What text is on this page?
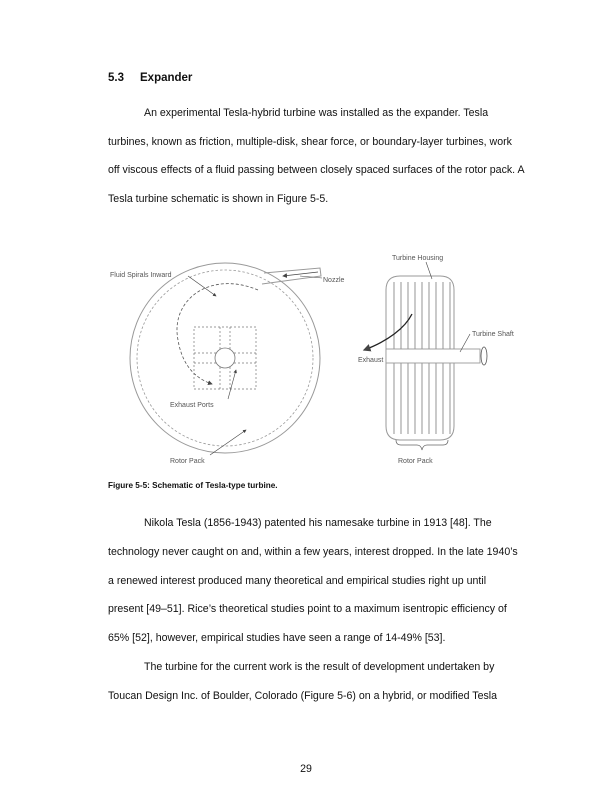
5.3 Expander
An experimental Tesla-hybrid turbine was installed as the expander. Tesla
turbines, known as friction, multiple-disk, shear force, or boundary-layer turbines, work
off viscous effects of a fluid passing between closely spaced surfaces of the rotor pack. A
Tesla turbine schematic is shown in Figure 5-5.
Fluid Spirals Inward
Nozzle
Exhaust Ports
Rotor Pack
Turbine Housing
Turbine Shaft
Exhaust
Rotor Pack
Figure 5-5: Schematic of Tesla-type turbine.
Nikola Tesla (1856-1943) patented his namesake turbine in 1913 [48]. The
technology never caught on and, within a few years, interest dropped. In the late 1940’s
a renewed interest produced many theoretical and empirical studies right up until
present [49–51]. Rice’s theoretical studies point to a maximum isentropic efficiency of
65% [52], however, empirical studies have seen a range of 14-49% [53].
The turbine for the current work is the result of development undertaken by
Toucan Design Inc. of Boulder, Colorado (Figure 5-6) on a hybrid, or modified Tesla
29
